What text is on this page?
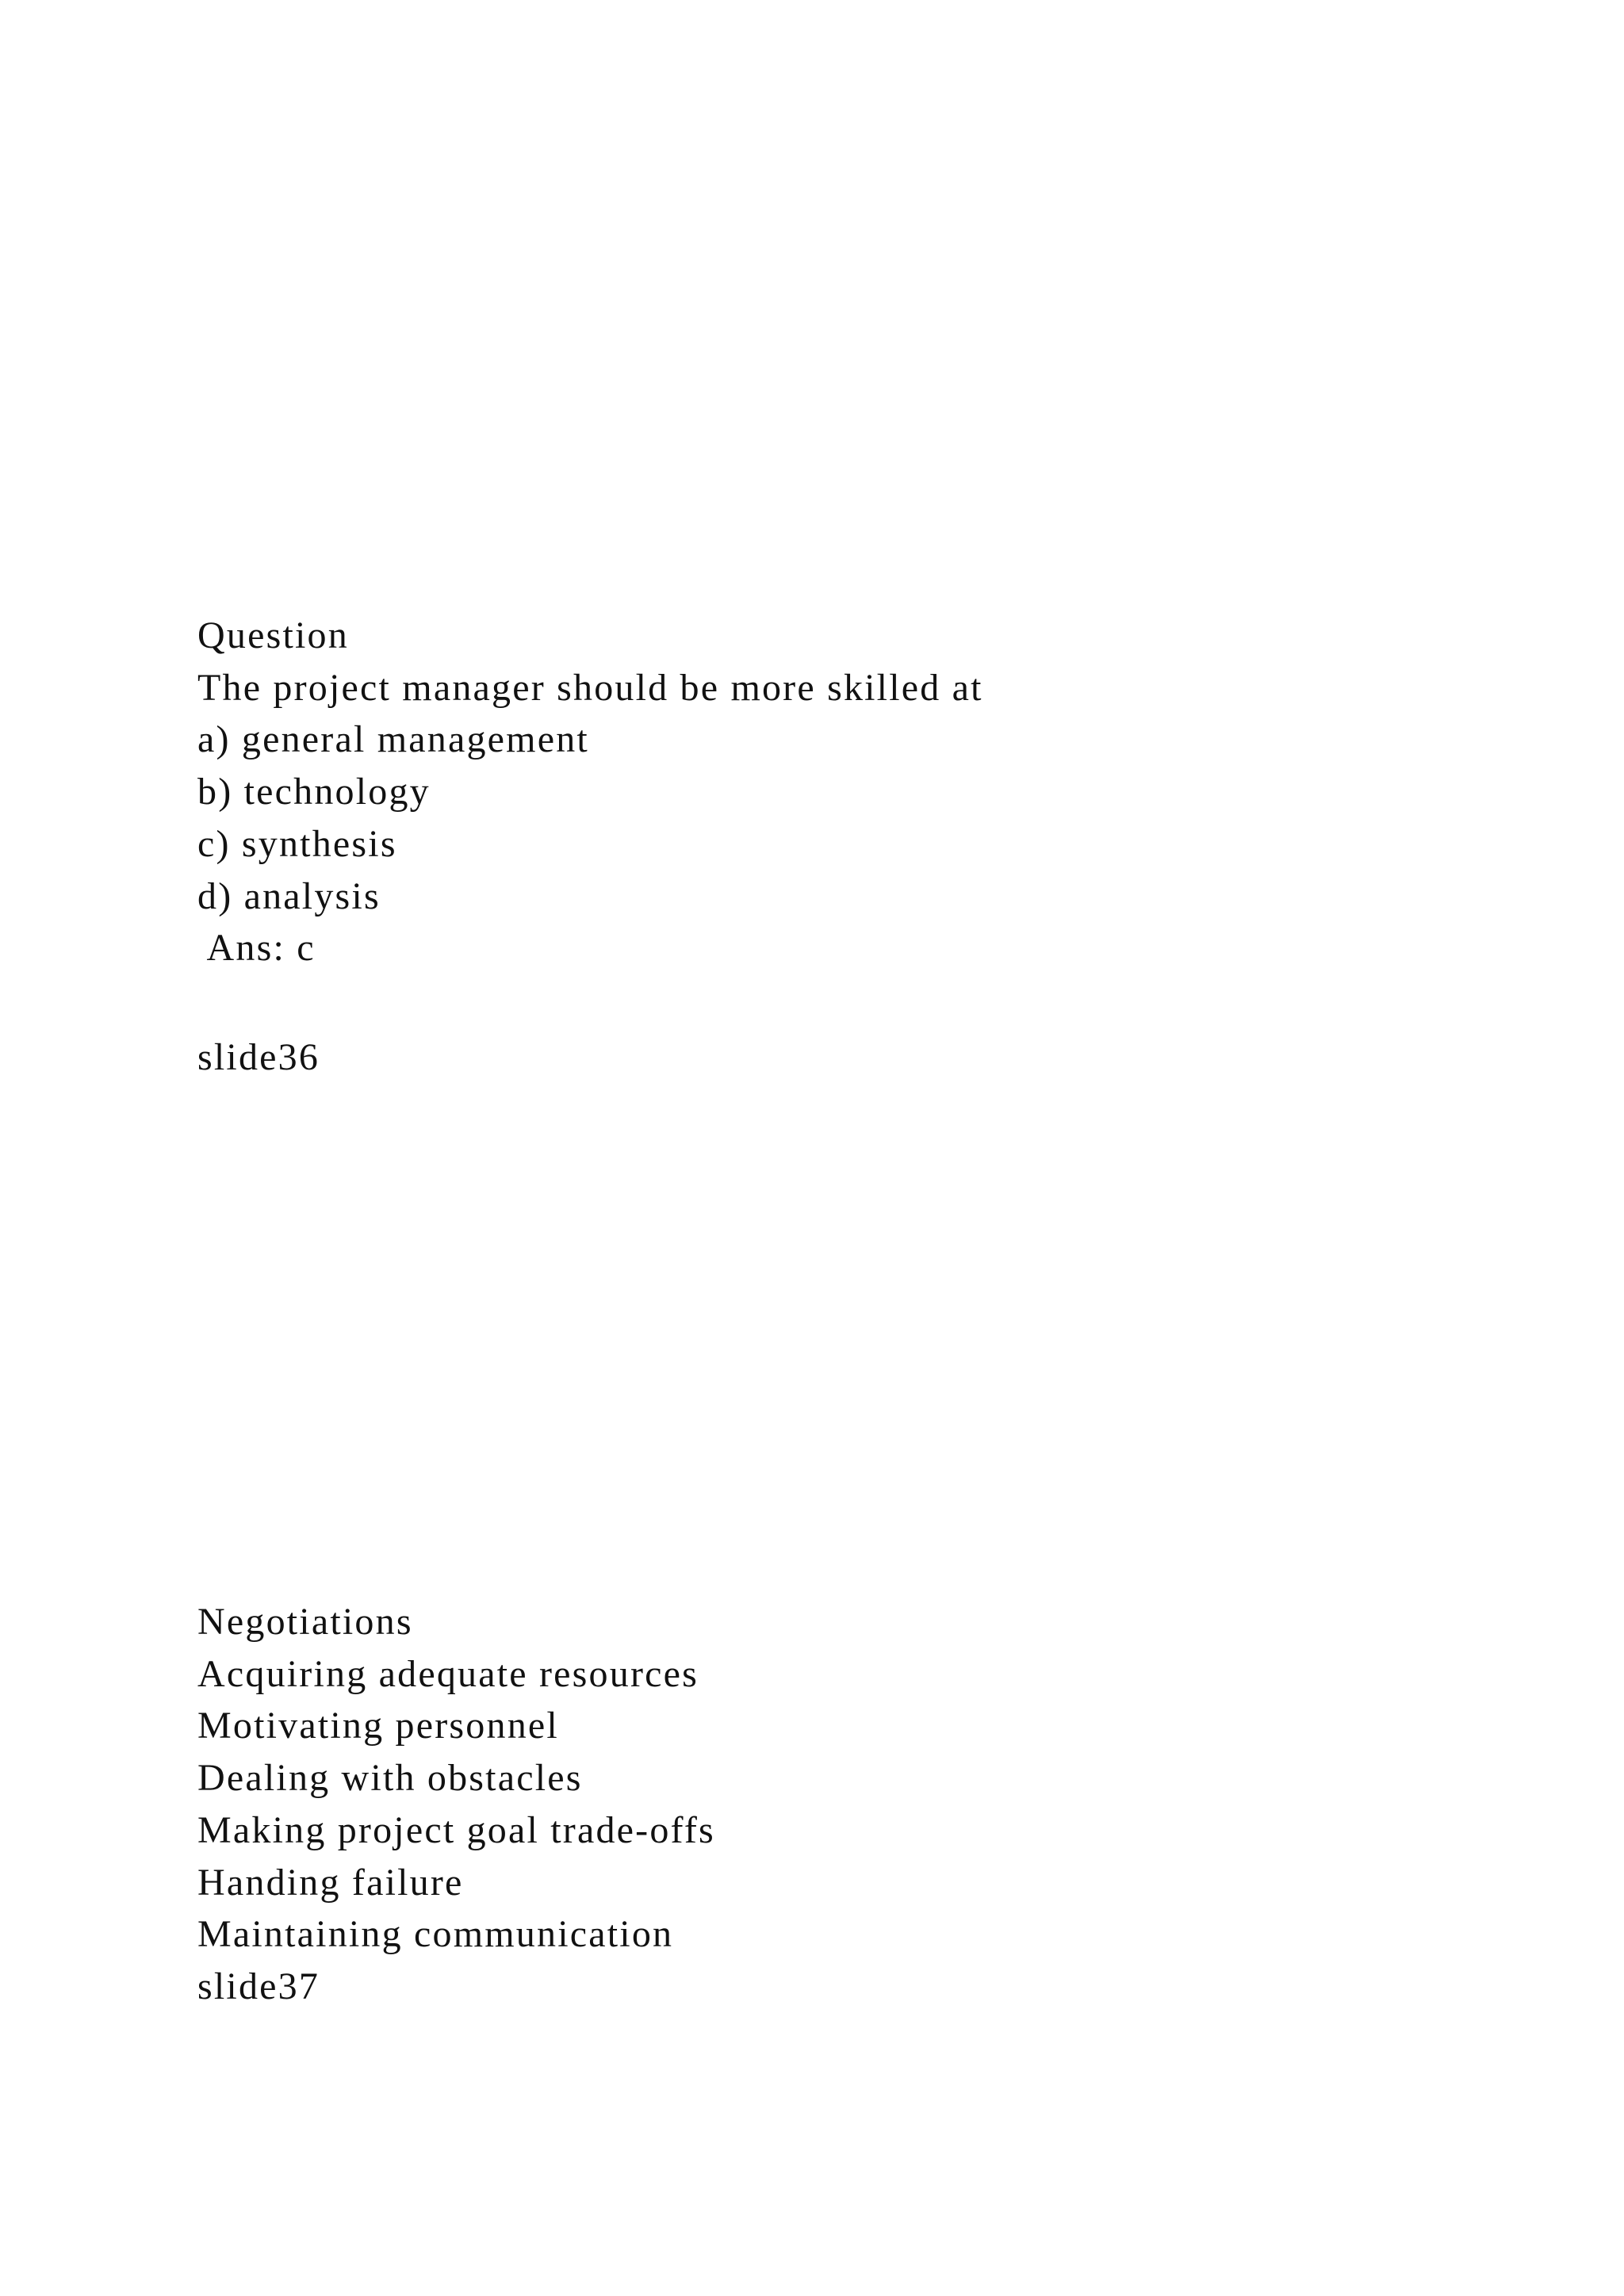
Question
The project manager should be more skilled at
a) general management
b) technology
c) synthesis
d) analysis
Ans: c
slide36
Negotiations
Acquiring adequate resources
Motivating personnel
Dealing with obstacles
Making project goal trade-offs
Handing failure
Maintaining communication
slide37
